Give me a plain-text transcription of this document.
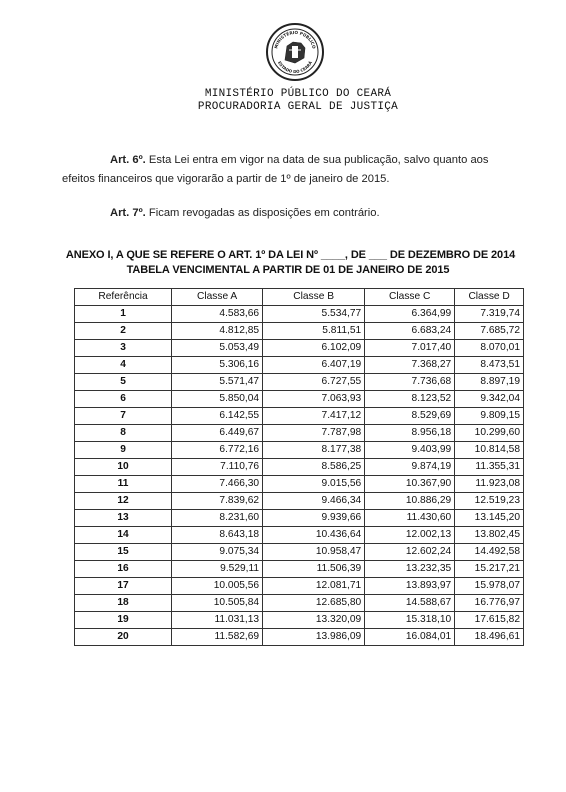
MINISTÉRIO PÚBLICO
ESTADO DO CEARÁ
MINISTÉRIO PÚBLICO DO CEARÁ
PROCURADORIA GERAL DE JUSTIÇA
Art. 6º. Esta Lei entra em vigor na data de sua publicação, salvo quanto aos
efeitos financeiros que vigorarão a partir de 1º de janeiro de 2015.
Art. 7º. Ficam revogadas as disposições em contrário.
ANEXO I, A QUE SE REFERE O ART. 1º DA LEI Nº ____, DE ___ DE DEZEMBRO DE 2014
TABELA VENCIMENTAL A PARTIR DE 01 DE JANEIRO DE 2015
Referência	Classe A	Classe B	Classe C	Classe D
1	4.583,66	5.534,77	6.364,99	7.319,74
2	4.812,85	5.811,51	6.683,24	7.685,72
3	5.053,49	6.102,09	7.017,40	8.070,01
4	5.306,16	6.407,19	7.368,27	8.473,51
5	5.571,47	6.727,55	7.736,68	8.897,19
6	5.850,04	7.063,93	8.123,52	9.342,04
7	6.142,55	7.417,12	8.529,69	9.809,15
8	6.449,67	7.787,98	8.956,18	10.299,60
9	6.772,16	8.177,38	9.403,99	10.814,58
10	7.110,76	8.586,25	9.874,19	11.355,31
11	7.466,30	9.015,56	10.367,90	11.923,08
12	7.839,62	9.466,34	10.886,29	12.519,23
13	8.231,60	9.939,66	11.430,60	13.145,20
14	8.643,18	10.436,64	12.002,13	13.802,45
15	9.075,34	10.958,47	12.602,24	14.492,58
16	9.529,11	11.506,39	13.232,35	15.217,21
17	10.005,56	12.081,71	13.893,97	15.978,07
18	10.505,84	12.685,80	14.588,67	16.776,97
19	11.031,13	13.320,09	15.318,10	17.615,82
20	11.582,69	13.986,09	16.084,01	18.496,61
